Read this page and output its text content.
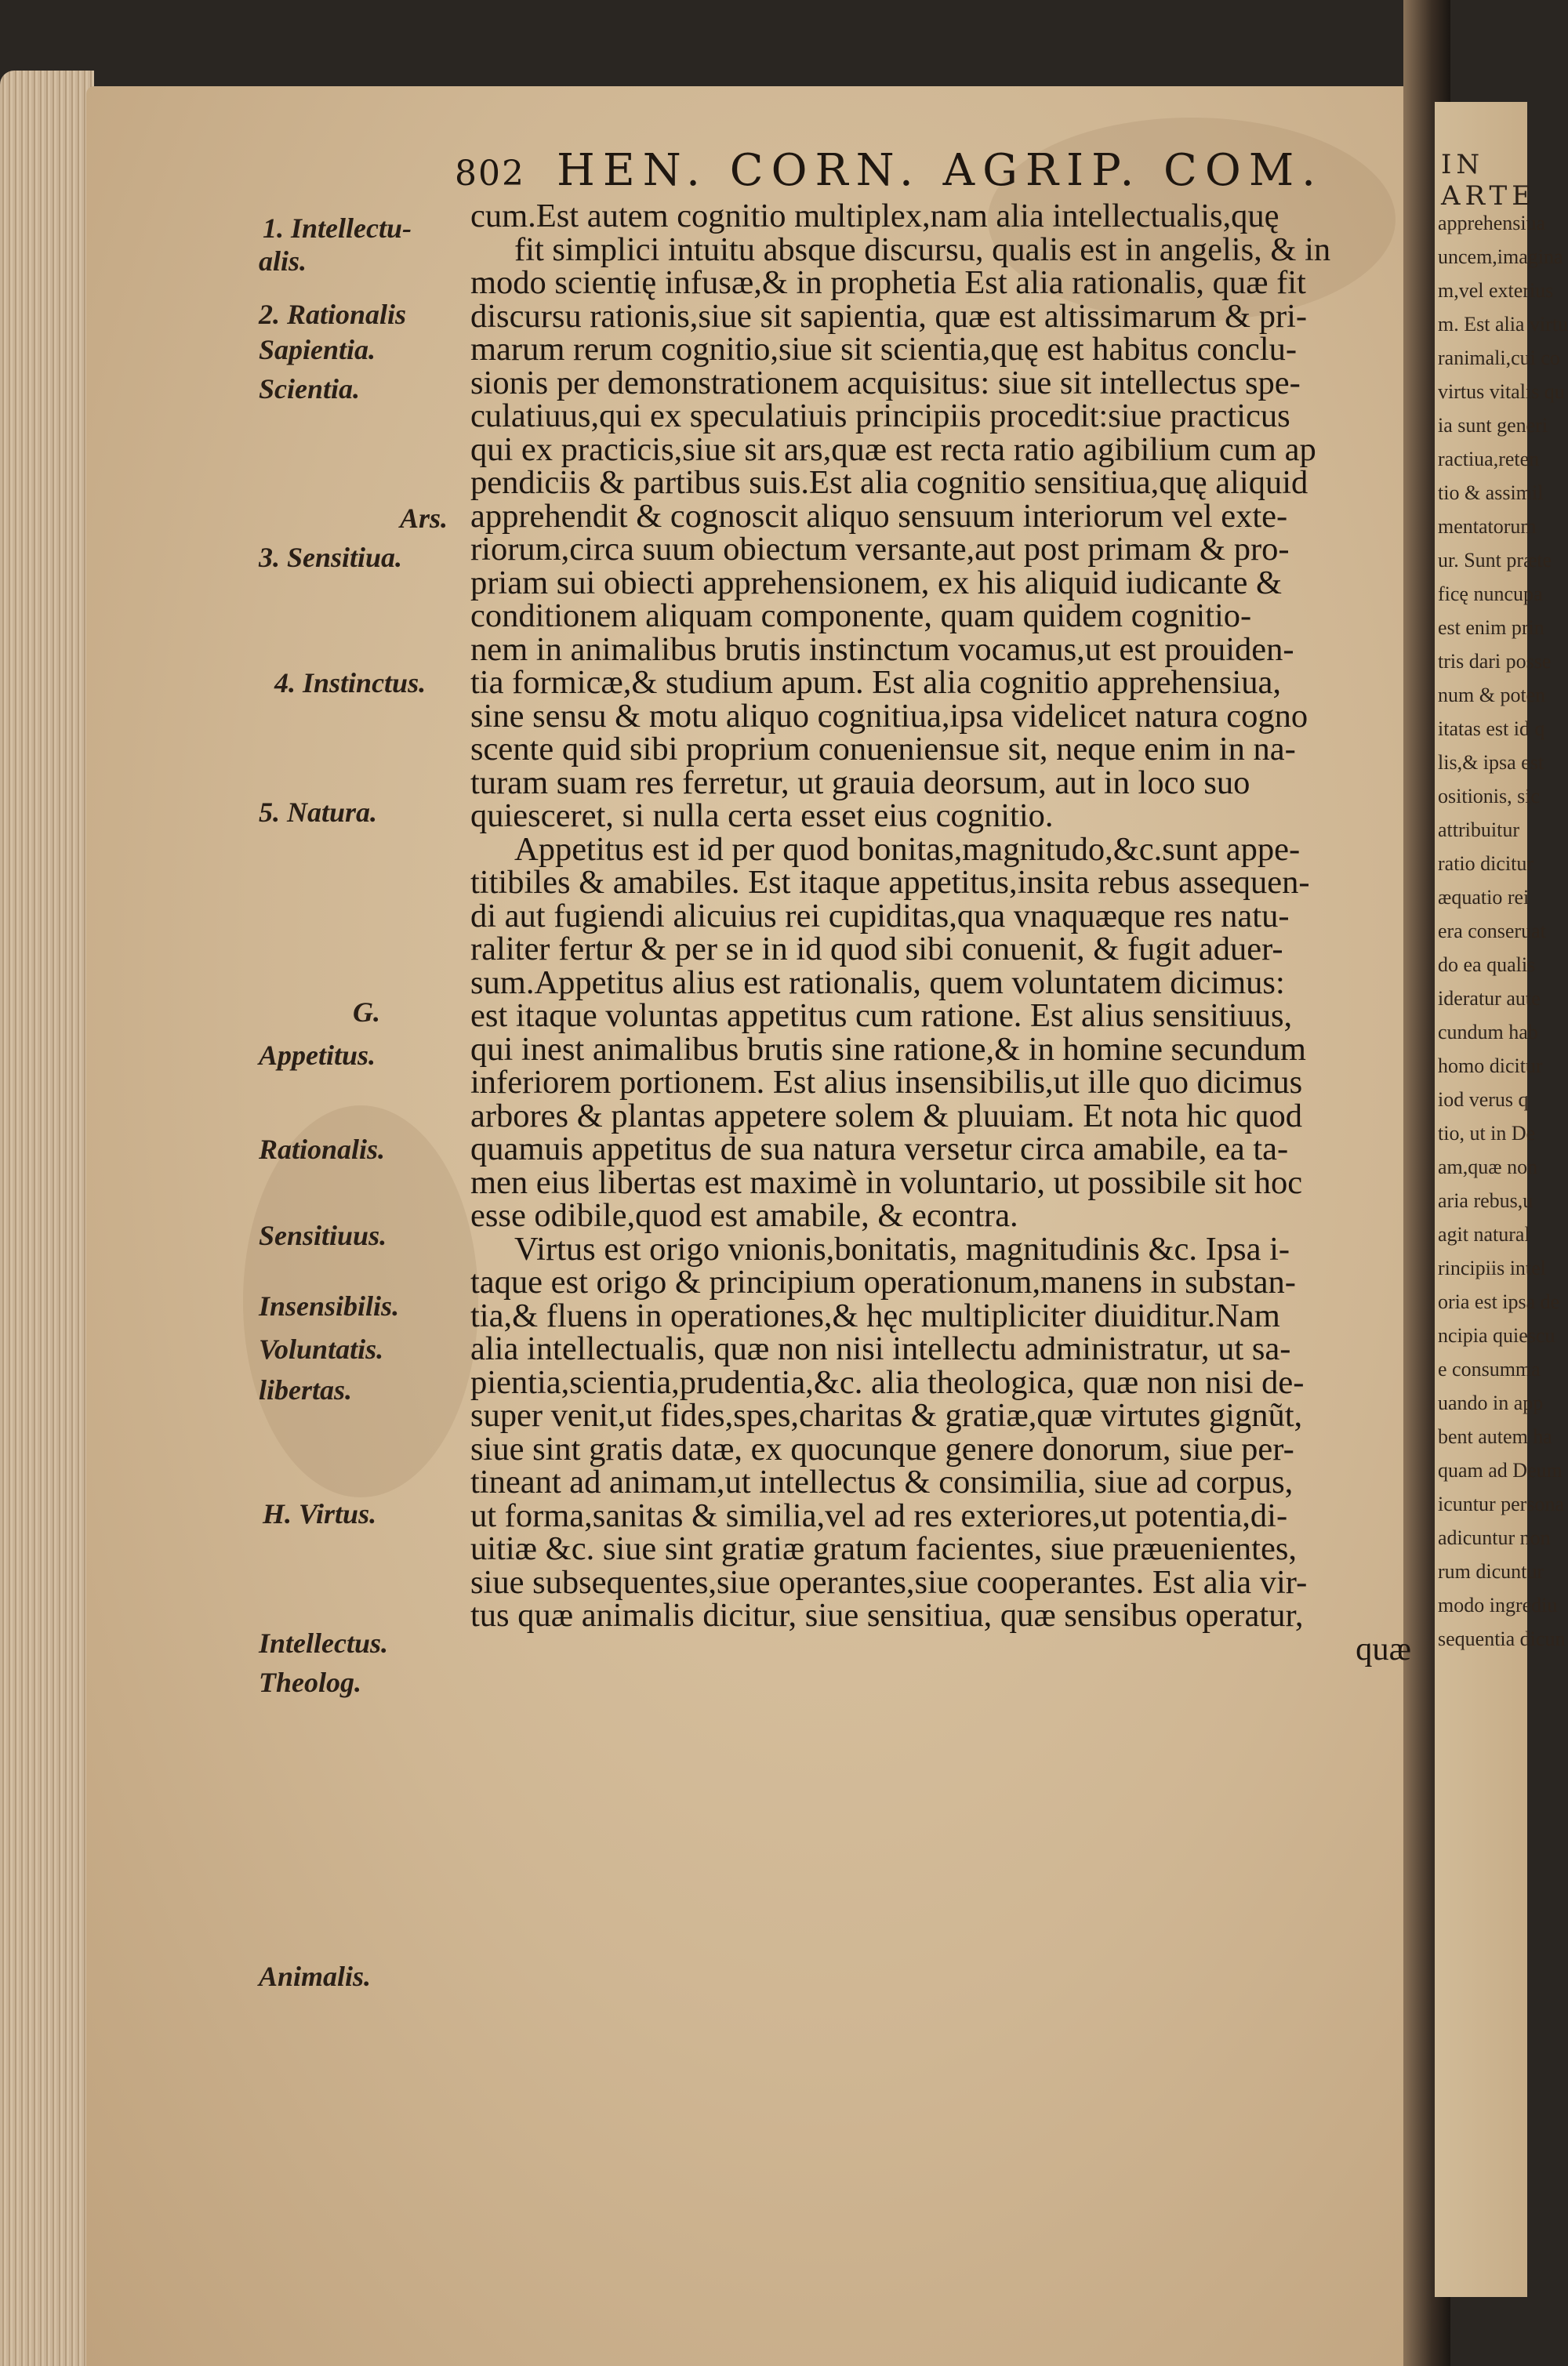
IN ARTE
apprehensiua
uncem,imagina
m,vel exterius
m. Est alia virtu
ranimali,cui co
virtus vitalis qu
ia sunt generi
ractiua,reten
tio & assimil
mentatorum
ur. Sunt præte
ficę nuncupa
est enim prin
tris dari posse
num & poten
itatas est id q
lis,& ipsa est
ositionis, sic
attribuitur
ratio dicitur
æquatio rei
era conseruat
do ea qualis
ideratur aute
cundum hab
homo dicitur
iod verus q
tio, ut in De
am,quæ non
aria rebus,u
agit natural
rincipiis intel
oria est ipsa de
ncipia quiescu
e consumma
uando in app
bent autem ha
quam ad Deum
icuntur persona
adicuntur non
rum dicuntur
modo ingrediu
sequentia dicun
802 HEN. CORN. AGRIP. COM.
1. Intellectu-
alis.
2. Rationalis
Sapientia.
Scientia.
Ars.
3. Sensitiua.
4. Instinctus.
5. Natura.
G.
Appetitus.
Rationalis.
Sensitiuus.
Insensibilis.
Voluntatis.
libertas.
H. Virtus.
Intellectus.
Theolog.
Animalis.
cum.Est autem cognitio multiplex,nam alia intellectualis,quę
fit simplici intuitu absque discursu, qualis est in angelis, & in
modo scientię infusæ,& in prophetia Est alia rationalis, quæ fit
discursu rationis,siue sit sapientia, quæ est altissimarum & pri-
marum rerum cognitio,siue sit scientia,quę est habitus conclu-
sionis per demonstrationem acquisitus: siue sit intellectus spe-
culatiuus,qui ex speculatiuis principiis procedit:siue practicus
qui ex practicis,siue sit ars,quæ est recta ratio agibilium cum ap
pendiciis & partibus suis.Est alia cognitio sensitiua,quę aliquid
apprehendit & cognoscit aliquo sensuum interiorum vel exte-
riorum,circa suum obiectum versante,aut post primam & pro-
priam sui obiecti apprehensionem, ex his aliquid iudicante &
conditionem aliquam componente, quam quidem cognitio-
nem in animalibus brutis instinctum vocamus,ut est prouiden-
tia formicæ,& studium apum. Est alia cognitio apprehensiua,
sine sensu & motu aliquo cognitiua,ipsa videlicet natura cogno
scente quid sibi proprium conueniensue sit, neque enim in na-
turam suam res ferretur, ut grauia deorsum, aut in loco suo
quiesceret, si nulla certa esset eius cognitio.
Appetitus est id per quod bonitas,magnitudo,&c.sunt appe-
titibiles & amabiles. Est itaque appetitus,insita rebus assequen-
di aut fugiendi alicuius rei cupiditas,qua vnaquæque res natu-
raliter fertur & per se in id quod sibi conuenit, & fugit aduer-
sum.Appetitus alius est rationalis, quem voluntatem dicimus:
est itaque voluntas appetitus cum ratione. Est alius sensitiuus,
qui inest animalibus brutis sine ratione,& in homine secundum
inferiorem portionem. Est alius insensibilis,ut ille quo dicimus
arbores & plantas appetere solem & pluuiam. Et nota hic quod
quamuis appetitus de sua natura versetur circa amabile, ea ta-
men eius libertas est maximè in voluntario, ut possibile sit hoc
esse odibile,quod est amabile, & econtra.
Virtus est origo vnionis,bonitatis, magnitudinis &c. Ipsa i-
taque est origo & principium operationum,manens in substan-
tia,& fluens in operationes,& hęc multipliciter diuiditur.Nam
alia intellectualis, quæ non nisi intellectu administratur, ut sa-
pientia,scientia,prudentia,&c. alia theologica, quæ non nisi de-
super venit,ut fides,spes,charitas & gratiæ,quæ virtutes gignũt,
siue sint gratis datæ, ex quocunque genere donorum, siue per-
tineant ad animam,ut intellectus & consimilia, siue ad corpus,
ut forma,sanitas & similia,vel ad res exteriores,ut potentia,di-
uitiæ &c. siue sint gratiæ gratum facientes, siue præuenientes,
siue subsequentes,siue operantes,siue cooperantes. Est alia vir-
tus quæ animalis dicitur, siue sensitiua, quæ sensibus operatur,
quæ
